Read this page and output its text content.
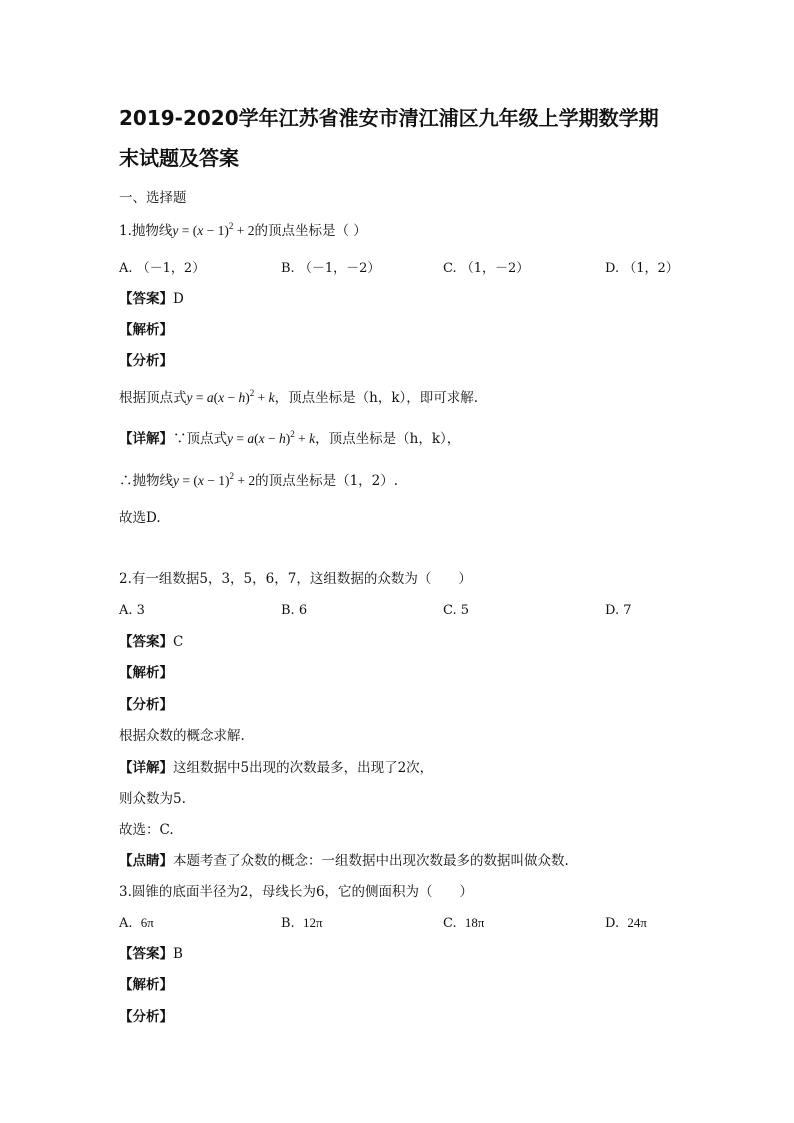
2019-2020学年江苏省淮安市清江浦区九年级上学期数学期
末试题及答案
一、选择题
1.抛物线$y = (x - 1)^2 + 2$的顶点坐标是（ ）
A. （－1，2）	B. （－1，－2）	C. （1，－2）	D. （1，2）
【答案】D
【解析】
【分析】
根据顶点式$y = a(x - h)^2 + k$，顶点坐标是（h，k），即可求解.
【详解】∵顶点式$y = a(x - h)^2 + k$，顶点坐标是（h，k），
∴抛物线$y = (x - 1)^2 + 2$的顶点坐标是（1，2）.
故选D.
2.有一组数据5，3，5，6，7，这组数据的众数为（　　）
A. 3	B. 6	C. 5	D. 7
【答案】C
【解析】
【分析】
根据众数的概念求解.
【详解】这组数据中5出现的次数最多，出现了2次，
则众数为5.
故选：C.
【点睛】本题考查了众数的概念：一组数据中出现次数最多的数据叫做众数.
3.圆锥的底面半径为2，母线长为6，它的侧面积为（　　）
A. 6π	B. 12π	C. 18π	D. 24π
【答案】B
【解析】
【分析】
